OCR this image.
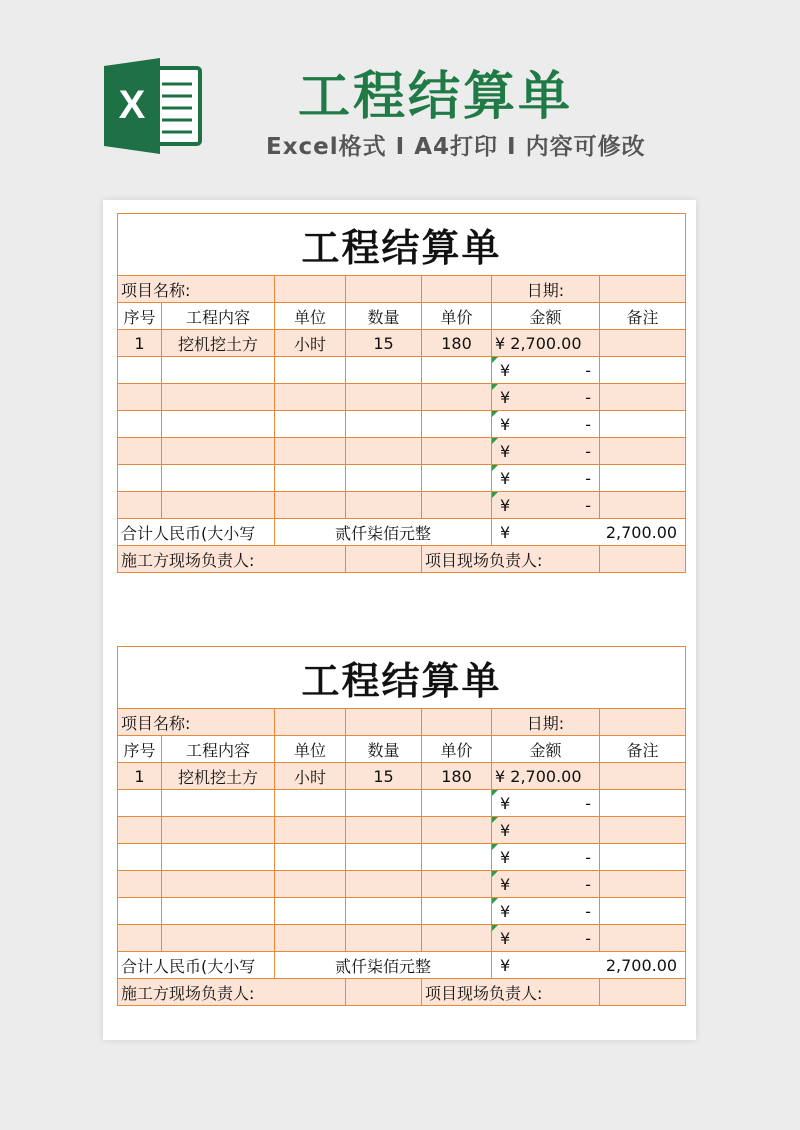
X	工程结算单
Excel格式 I A4打印 I 内容可修改
工程结算单						
项目名称:					日期:	
序号	工程内容	单位	数量	单价	金额	备注
1	挖机挖土方	小时	15	180	¥ 2,700.00	

					¥ -	

					¥ -	

					¥ -	

					¥ -	

					¥ -	

					¥ -	

合计人民币(大小写		贰仟柒佰元整			¥ 2,700.00	

施工方现场负责人:				项目现场负责人:		
工程结算单						
项目名称:					日期:	
序号	工程内容	单位	数量	单价	金额	备注
1	挖机挖土方	小时	15	180	¥ 2,700.00	

					¥ -	

					¥	

					¥ -	

					¥ -	

					¥ -	

					¥ -	

合计人民币(大小写		贰仟柒佰元整			¥ 2,700.00	

施工方现场负责人:				项目现场负责人:		
